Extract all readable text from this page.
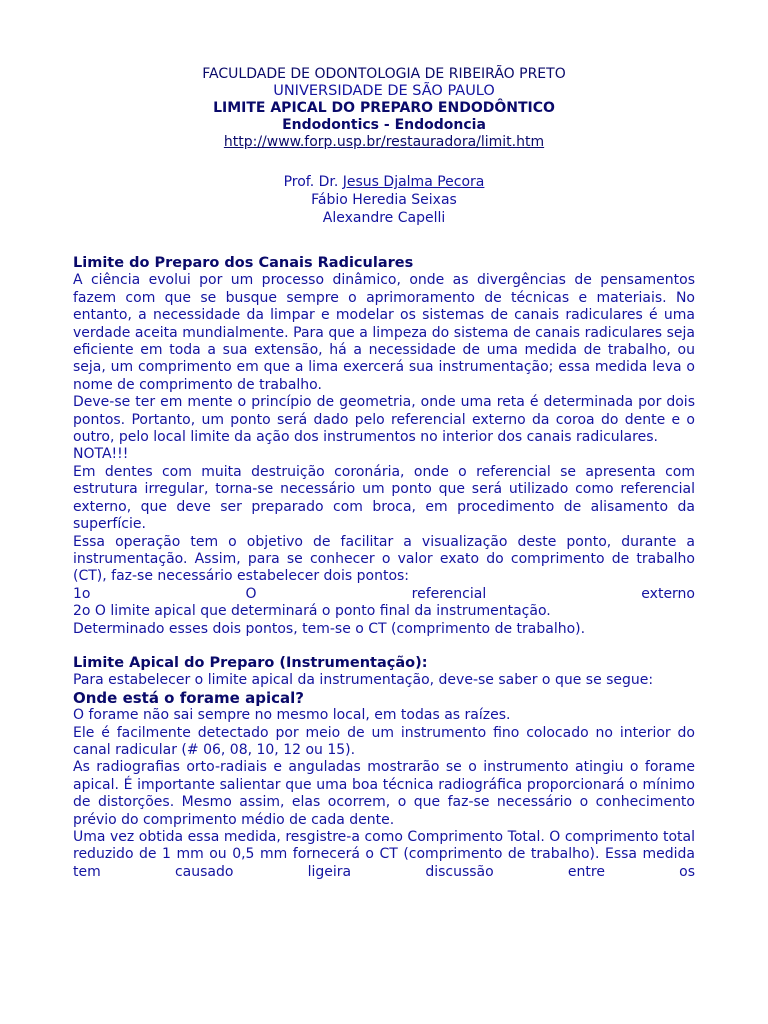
FACULDADE DE ODONTOLOGIA DE RIBEIRÃO PRETO
UNIVERSIDADE DE SÃO PAULO
LIMITE APICAL DO PREPARO ENDODÔNTICO
Endodontics - Endodoncia
http://www.forp.usp.br/restauradora/limit.htm
Prof. Dr. Jesus Djalma Pecora
Fábio Heredia Seixas
Alexandre Capelli
Limite do Preparo dos Canais Radiculares

A ciência evolui por um processo dinâmico, onde as divergências de pensamentos fazem com que se busque sempre o aprimoramento de técnicas e materiais. No entanto, a necessidade da limpar e modelar os sistemas de canais radiculares é uma verdade aceita mundialmente. Para que a limpeza do sistema de canais radiculares seja eficiente em toda a sua extensão, há a necessidade de uma medida de trabalho, ou seja, um comprimento em que a lima exercerá sua instrumentação; essa medida leva o nome de comprimento de trabalho.

Deve-se ter em mente o princípio de geometria, onde uma reta é determinada por dois pontos. Portanto, um ponto será dado pelo referencial externo da coroa do dente e o outro, pelo local limite da ação dos instrumentos no interior dos canais radiculares.

NOTA!!!

Em dentes com muita destruição coronária, onde o referencial se apresenta com estrutura irregular, torna-se necessário um ponto que será utilizado como referencial externo, que deve ser preparado com broca, em procedimento de alisamento da superfície.

Essa operação tem o objetivo de facilitar a visualização deste ponto, durante a instrumentação. Assim, para se conhecer o valor exato do comprimento de trabalho (CT), faz-se necessário estabelecer dois pontos:

1o O referencial externo

2o O limite apical que determinará o ponto final da instrumentação.

Determinado esses dois pontos, tem-se o CT (comprimento de trabalho).

Limite Apical do Preparo (Instrumentação):

Para estabelecer o limite apical da instrumentação, deve-se saber o que se segue:

Onde está o forame apical?

O forame não sai sempre no mesmo local, em todas as raízes.

Ele é facilmente detectado por meio de um instrumento fino colocado no interior do canal radicular (# 06, 08, 10, 12 ou 15).

As radiografias orto-radiais e anguladas mostrarão se o instrumento atingiu o forame apical. É importante salientar que uma boa técnica radiográfica proporcionará o mínimo de distorções. Mesmo assim, elas ocorrem, o que faz-se necessário o conhecimento prévio do comprimento médio de cada dente.

Uma vez obtida essa medida, resgistre-a como Comprimento Total. O comprimento total reduzido de 1 mm ou 0,5 mm fornecerá o CT (comprimento de trabalho). Essa medida tem causado ligeira discussão entre os
